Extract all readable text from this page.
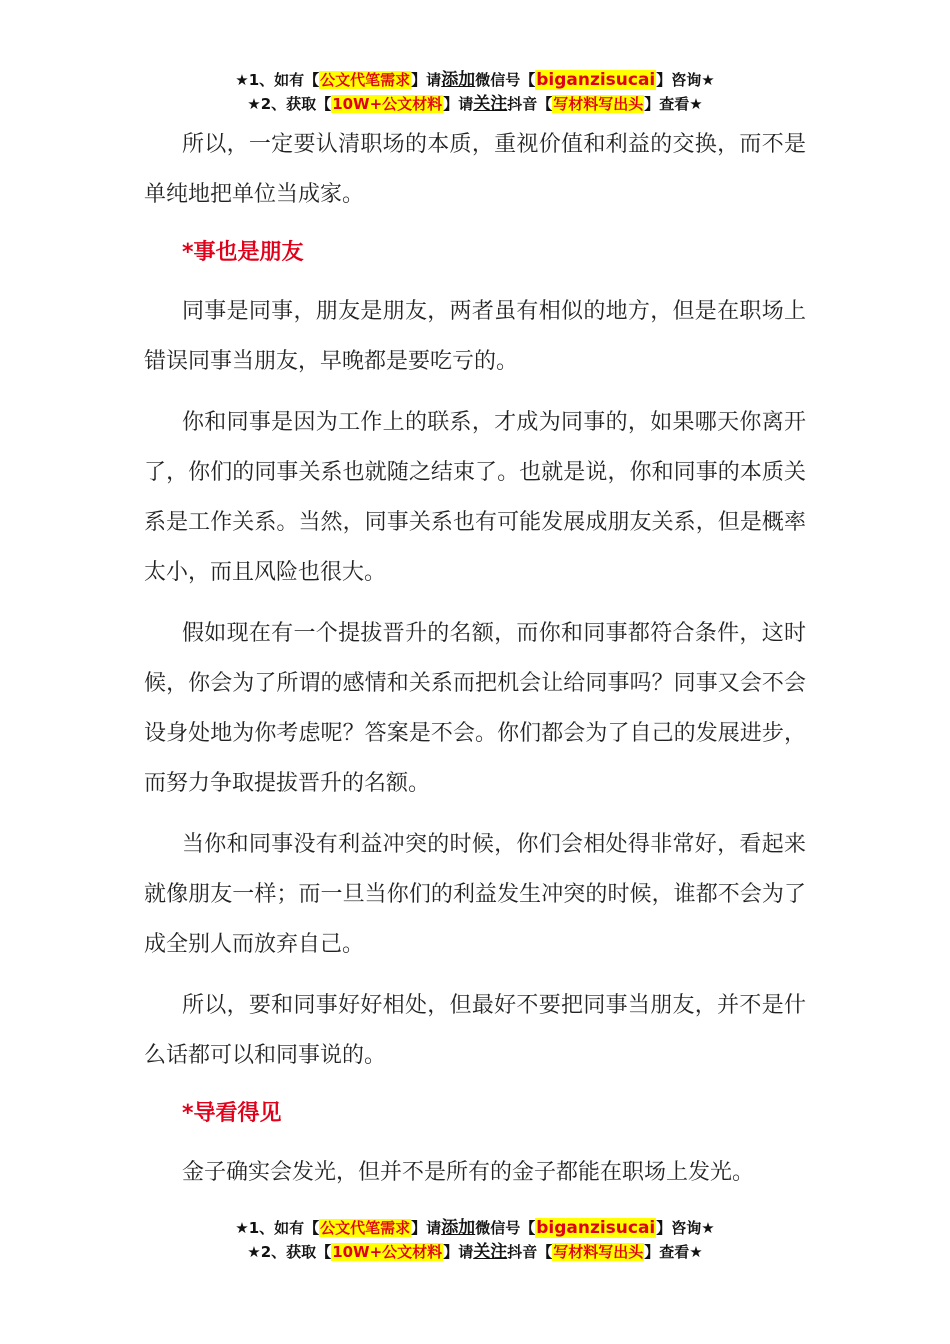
★1、如有【公文代笔需求】请添加微信号【biganzisucai】咨询★
★2、获取【10W+公文材料】请关注抖音【写材料写出头】查看★

所以，一定要认清职场的本质，重视价值和利益的交换，而不是单纯地把单位当成家。

*事也是朋友

同事是同事，朋友是朋友，两者虽有相似的地方，但是在职场上错误同事当朋友，早晚都是要吃亏的。

你和同事是因为工作上的联系，才成为同事的，如果哪天你离开了，你们的同事关系也就随之结束了。也就是说，你和同事的本质关系是工作关系。当然，同事关系也有可能发展成朋友关系，但是概率太小，而且风险也很大。

假如现在有一个提拔晋升的名额，而你和同事都符合条件，这时候，你会为了所谓的感情和关系而把机会让给同事吗？同事又会不会设身处地为你考虑呢？答案是不会。你们都会为了自己的发展进步，而努力争取提拔晋升的名额。

当你和同事没有利益冲突的时候，你们会相处得非常好，看起来就像朋友一样；而一旦当你们的利益发生冲突的时候，谁都不会为了成全别人而放弃自己。

所以，要和同事好好相处，但最好不要把同事当朋友，并不是什么话都可以和同事说的。

*导看得见

金子确实会发光，但并不是所有的金子都能在职场上发光。

★1、如有【公文代笔需求】请添加微信号【biganzisucai】咨询★
★2、获取【10W+公文材料】请关注抖音【写材料写出头】查看★
